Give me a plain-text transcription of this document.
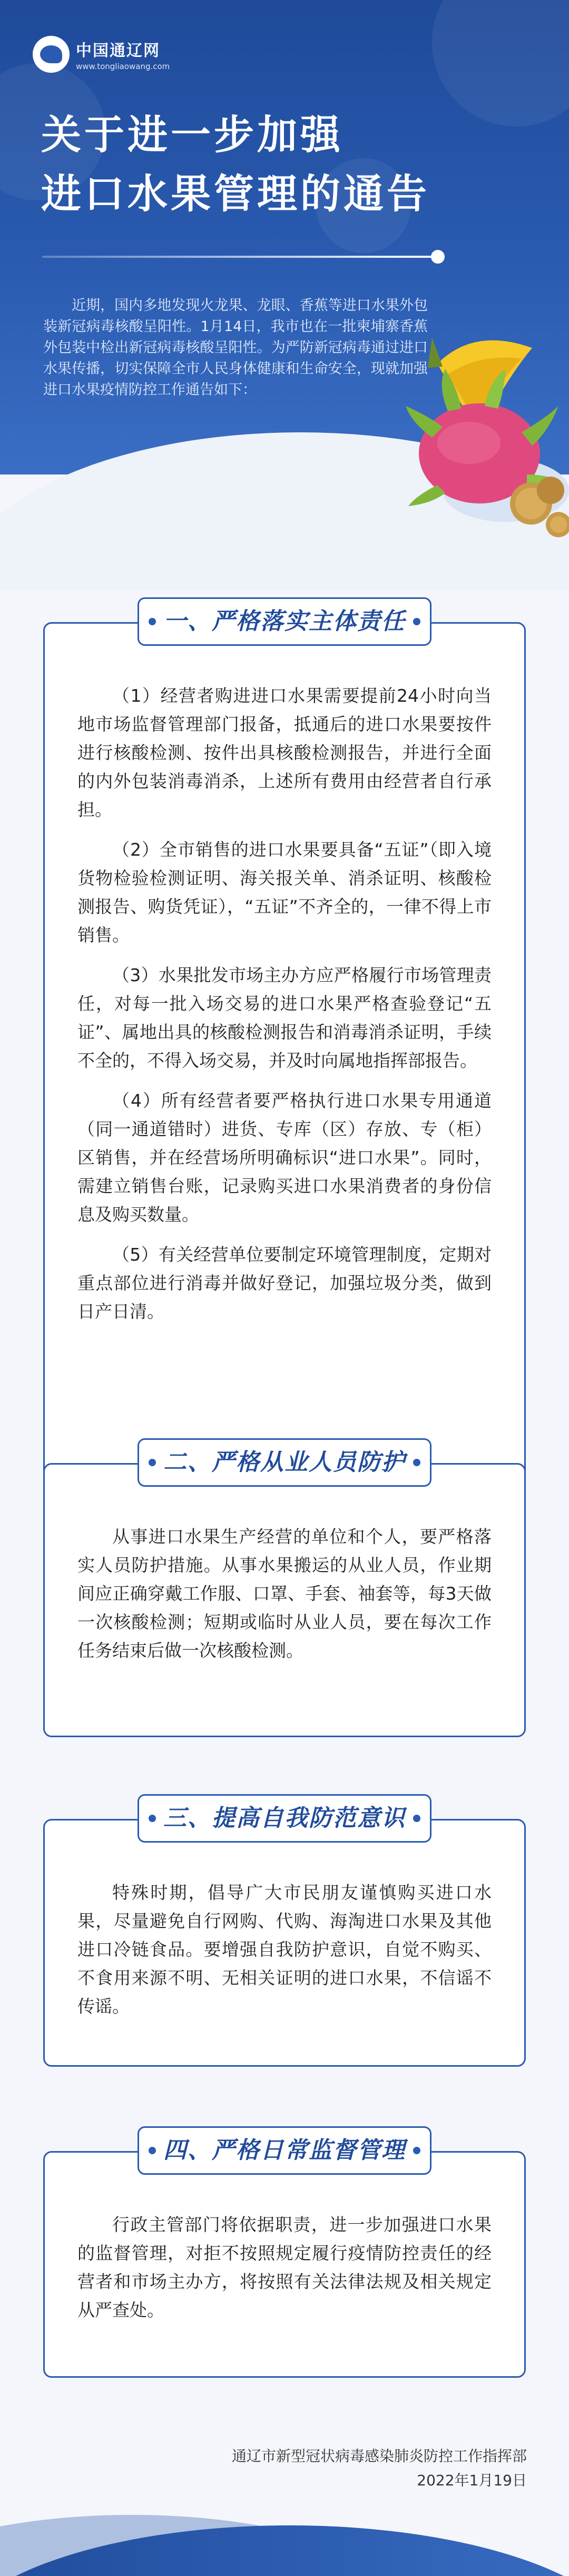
中国通辽网
www.tongliaowang.com
关于进一步加强
进口水果管理的通告
近期，国内多地发现火龙果、龙眼、香蕉等进口水果外包装新冠病毒核酸呈阳性。1月14日，我市也在一批柬埔寨香蕉外包装中检出新冠病毒核酸呈阳性。为严防新冠病毒通过进口水果传播，切实保障全市人民身体健康和生命安全，现就加强进口水果疫情防控工作通告如下：
一、严格落实主体责任

（1）经营者购进进口水果需要提前24小时向当地市场监督管理部门报备，抵通后的进口水果要按件进行核酸检测、按件出具核酸检测报告，并进行全面的内外包装消毒消杀，上述所有费用由经营者自行承担。

（2）全市销售的进口水果要具备“五证”（即入境货物检验检测证明、海关报关单、消杀证明、核酸检测报告、购货凭证），“五证”不齐全的，一律不得上市销售。

（3）水果批发市场主办方应严格履行市场管理责任，对每一批入场交易的进口水果严格查验登记“五证”、属地出具的核酸检测报告和消毒消杀证明，手续不全的，不得入场交易，并及时向属地指挥部报告。

（4）所有经营者要严格执行进口水果专用通道（同一通道错时）进货、专库（区）存放、专（柜）区销售，并在经营场所明确标识“进口水果”。同时，需建立销售台账，记录购买进口水果消费者的身份信息及购买数量。

（5）有关经营单位要制定环境管理制度，定期对重点部位进行消毒并做好登记，加强垃圾分类，做到日产日清。

二、严格从业人员防护

从事进口水果生产经营的单位和个人，要严格落实人员防护措施。从事水果搬运的从业人员，作业期间应正确穿戴工作服、口罩、手套、袖套等，每3天做一次核酸检测；短期或临时从业人员，要在每次工作任务结束后做一次核酸检测。

三、提高自我防范意识

特殊时期，倡导广大市民朋友谨慎购买进口水果，尽量避免自行网购、代购、海淘进口水果及其他进口冷链食品。要增强自我防护意识，自觉不购买、不食用来源不明、无相关证明的进口水果，不信谣不传谣。

四、严格日常监督管理

行政主管部门将依据职责，进一步加强进口水果的监督管理，对拒不按照规定履行疫情防控责任的经营者和市场主办方，将按照有关法律法规及相关规定从严查处。

通辽市新型冠状病毒感染肺炎防控工作指挥部
2022年1月19日
